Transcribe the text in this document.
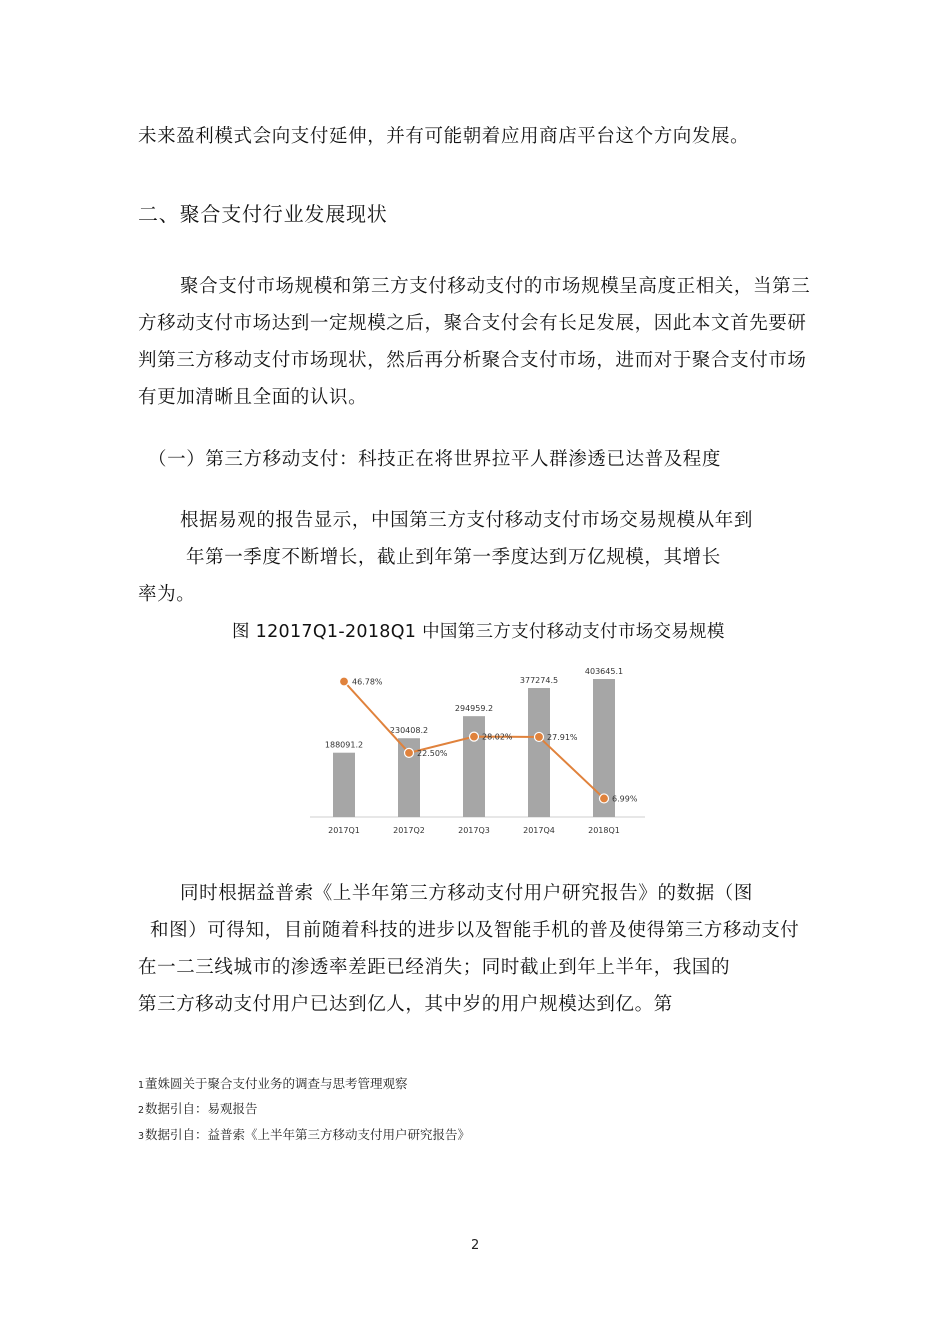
未来盈利模式会向支付延伸，并有可能朝着应用商店平台这个方向发展。
二、聚合支付行业发展现状
聚合支付市场规模和第三方支付移动支付的市场规模呈高度正相关，当第三
方移动支付市场达到一定规模之后，聚合支付会有长足发展，因此本文首先要研
判第三方移动支付市场现状，然后再分析聚合支付市场，进而对于聚合支付市场
有更加清晰且全面的认识。
（一）第三方移动支付：科技正在将世界拉平人群渗透已达普及程度
根据易观的报告显示，中国第三方支付移动支付市场交易规模从年到
年第一季度不断增长，截止到年第一季度达到万亿规模，其增长
率为。
图 12017Q1-2018Q1 中国第三方支付移动支付市场交易规模
188091.2
2017Q1
230408.2
2017Q2
294959.2
2017Q3
377274.5
2017Q4
403645.1
2018Q1
46.78%
22.50%
28.02%	27.91%
6.99%
同时根据益普索《上半年第三方移动支付用户研究报告》的数据（图
和图）可得知，目前随着科技的进步以及智能手机的普及使得第三方移动支付
在一二三线城市的渗透率差距已经消失；同时截止到年上半年，我国的
第三方移动支付用户已达到亿人，其中岁的用户规模达到亿。第
1董姝圆关于聚合支付业务的调查与思考管理观察
2数据引自：易观报告
3数据引自：益普索《上半年第三方移动支付用户研究报告》
2
